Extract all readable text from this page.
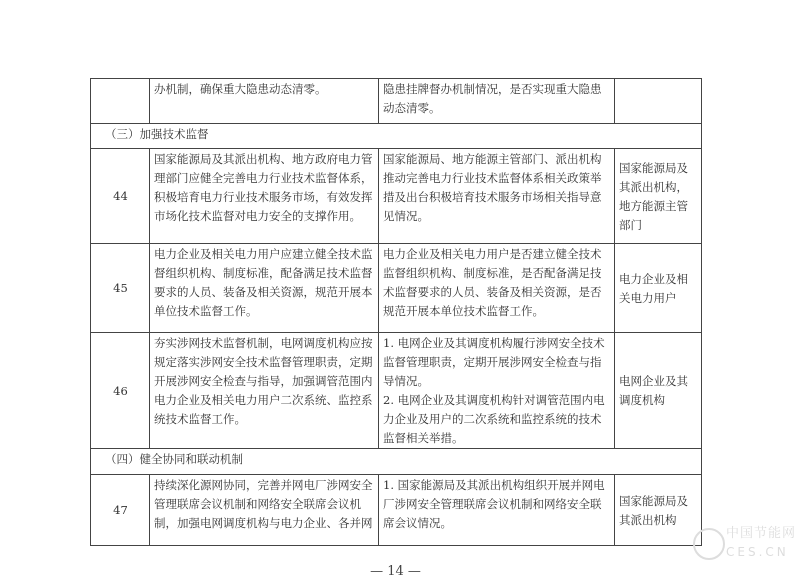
	办机制，确保重大隐患动态清零。	隐患挂牌督办机制情况，是否实现重大隐患动态清零。	

（三）加强技术监督			
44	国家能源局及其派出机构、地方政府电力管理部门应健全完善电力行业技术监督体系，积极培育电力行业技术服务市场，有效发挥市场化技术监督对电力安全的支撑作用。	国家能源局、地方能源主管部门、派出机构推动完善电力行业技术监督体系相关政策举措及出台积极培育技术服务市场相关指导意见情况。	国家能源局及其派出机构，地方能源主管部门
45	电力企业及相关电力用户应建立健全技术监督组织机构、制度标准，配备满足技术监督要求的人员、装备及相关资源，规范开展本单位技术监督工作。	电力企业及相关电力用户是否建立健全技术监督组织机构、制度标准，是否配备满足技术监督要求的人员、装备及相关资源，是否规范开展本单位技术监督工作。	电力企业及相关电力用户
46	夯实涉网技术监督机制，电网调度机构应按规定落实涉网安全技术监督管理职责，定期开展涉网安全检查与指导，加强调管范围内电力企业及相关电力用户二次系统、监控系统技术监督工作。	1. 电网企业及其调度机构履行涉网安全技术监督管理职责，定期开展涉网安全检查与指导情况。
2. 电网企业及其调度机构针对调管范围内电力企业及用户的二次系统和监控系统的技术监督相关举措。	电网企业及其调度机构
（四）健全协同和联动机制			
47	持续深化源网协同，完善并网电厂涉网安全管理联席会议机制和网络安全联席会议机制，加强电网调度机构与电力企业、各并网	1. 国家能源局及其派出机构组织开展并网电厂涉网安全管理联席会议机制和网络安全联席会议情况。	国家能源局及其派出机构
— 14 —
中国节能网
CES.CN
